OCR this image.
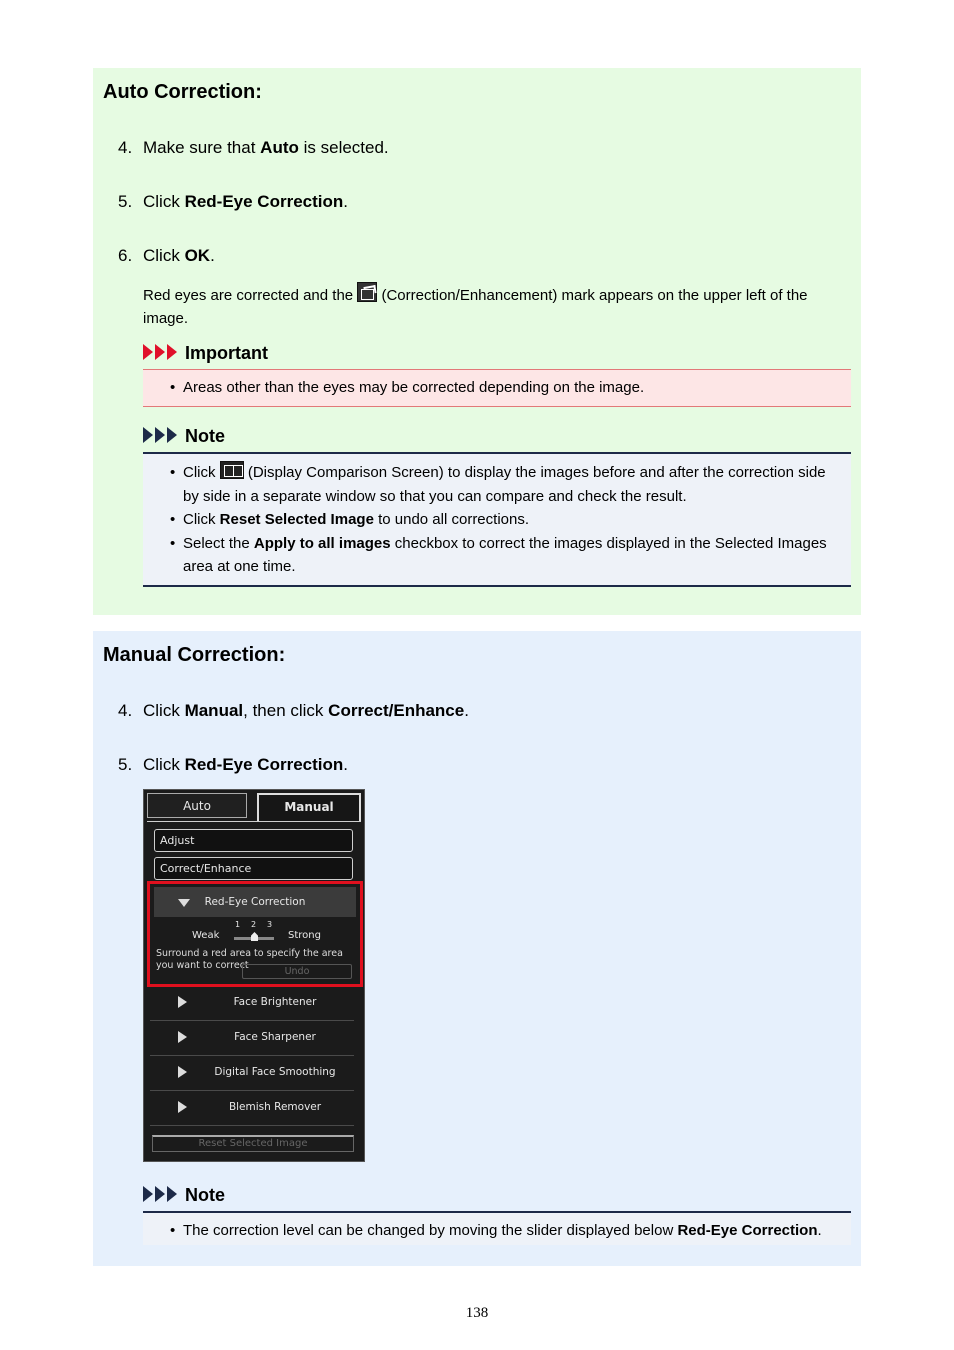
Auto Correction:
4. Make sure that Auto is selected.
5. Click Red-Eye Correction.
6. Click OK.
Red eyes are corrected and the  (Correction/Enhancement) mark appears on the upper left of the image.
Important
• Areas other than the eyes may be corrected depending on the image.
Note
• Click  (Display Comparison Screen) to display the images before and after the correction side by side in a separate window so that you can compare and check the result.
• Click Reset Selected Image to undo all corrections.
• Select the Apply to all images checkbox to correct the images displayed in the Selected Images area at one time.
Manual Correction:
4. Click Manual, then click Correct/Enhance.
5. Click Red-Eye Correction.
Auto	Manual
Adjust
Correct/Enhance
Red-Eye Correction
Weak
1 2 3
Strong
Surround a red area to specify the area you want to correct
Undo
Face Brightener
Face Sharpener
Digital Face Smoothing
Blemish Remover
Reset Selected Image
Note
• The correction level can be changed by moving the slider displayed below Red-Eye Correction.
138
